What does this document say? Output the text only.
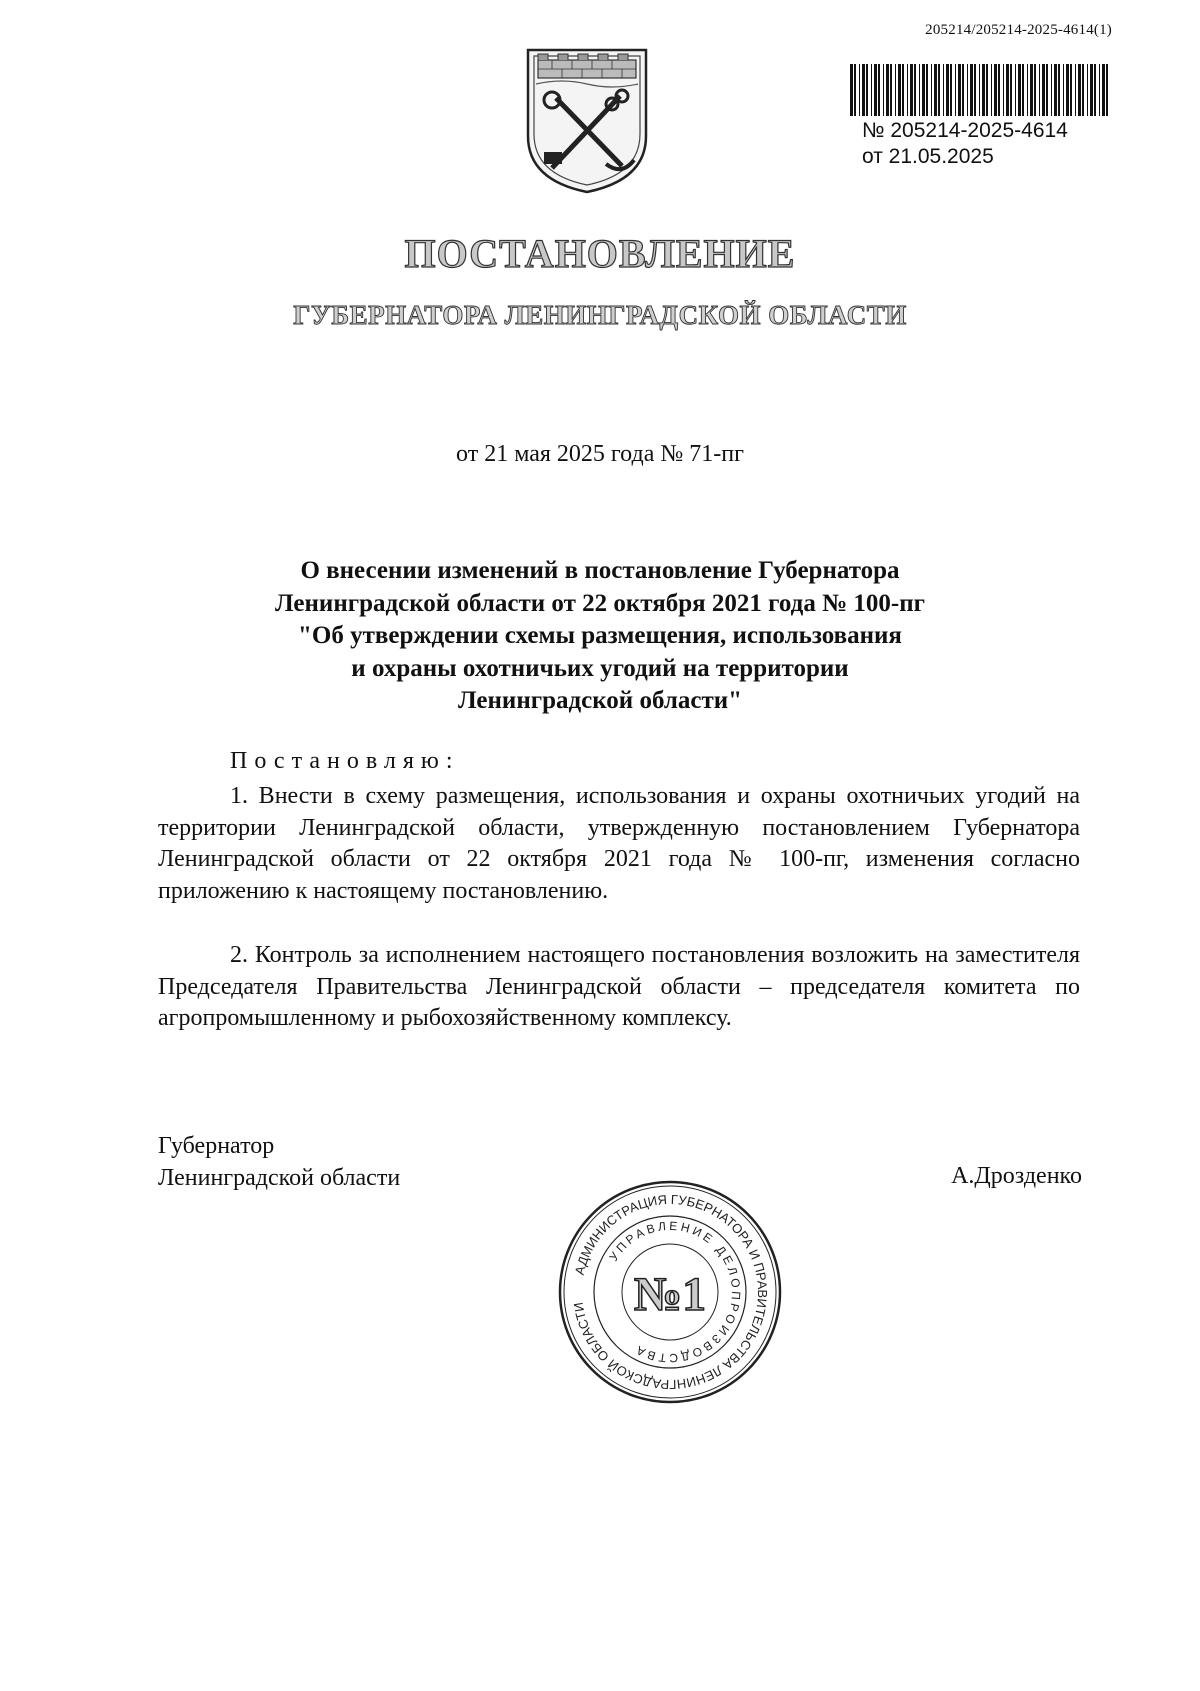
205214/205214-2025-4614(1)
№ 205214-2025-4614
от 21.05.2025
ПОСТАНОВЛЕНИЕ
ГУБЕРНАТОРА ЛЕНИНГРАДСКОЙ ОБЛАСТИ
от 21 мая 2025 года № 71-пг
О внесении изменений в постановление Губернатора
Ленинградской области от 22 октября 2021 года № 100-пг
"Об утверждении схемы размещения, использования
и охраны охотничьих угодий на территории
Ленинградской области"
Постановляю:
1. Внести в схему размещения, использования и охраны охотничьих угодий на территории Ленинградской области, утвержденную постановлением Губернатора Ленинградской области от 22 октября 2021 года № 100-пг, изменения согласно приложению к настоящему постановлению.
2. Контроль за исполнением настоящего постановления возложить на заместителя Председателя Правительства Ленинградской области – председателя комитета по агропромышленному и рыбохозяйственному комплексу.
Губернатор
Ленинградской области	А.Дрозденко
АДМИНИСТРАЦИЯ ГУБЕРНАТОРА И ПРАВИТЕЛЬСТВА ЛЕНИНГРАДСКОЙ ОБЛАСТИ
УПРАВЛЕНИЕ ДЕЛОПРОИЗВОДСТВА
№1
